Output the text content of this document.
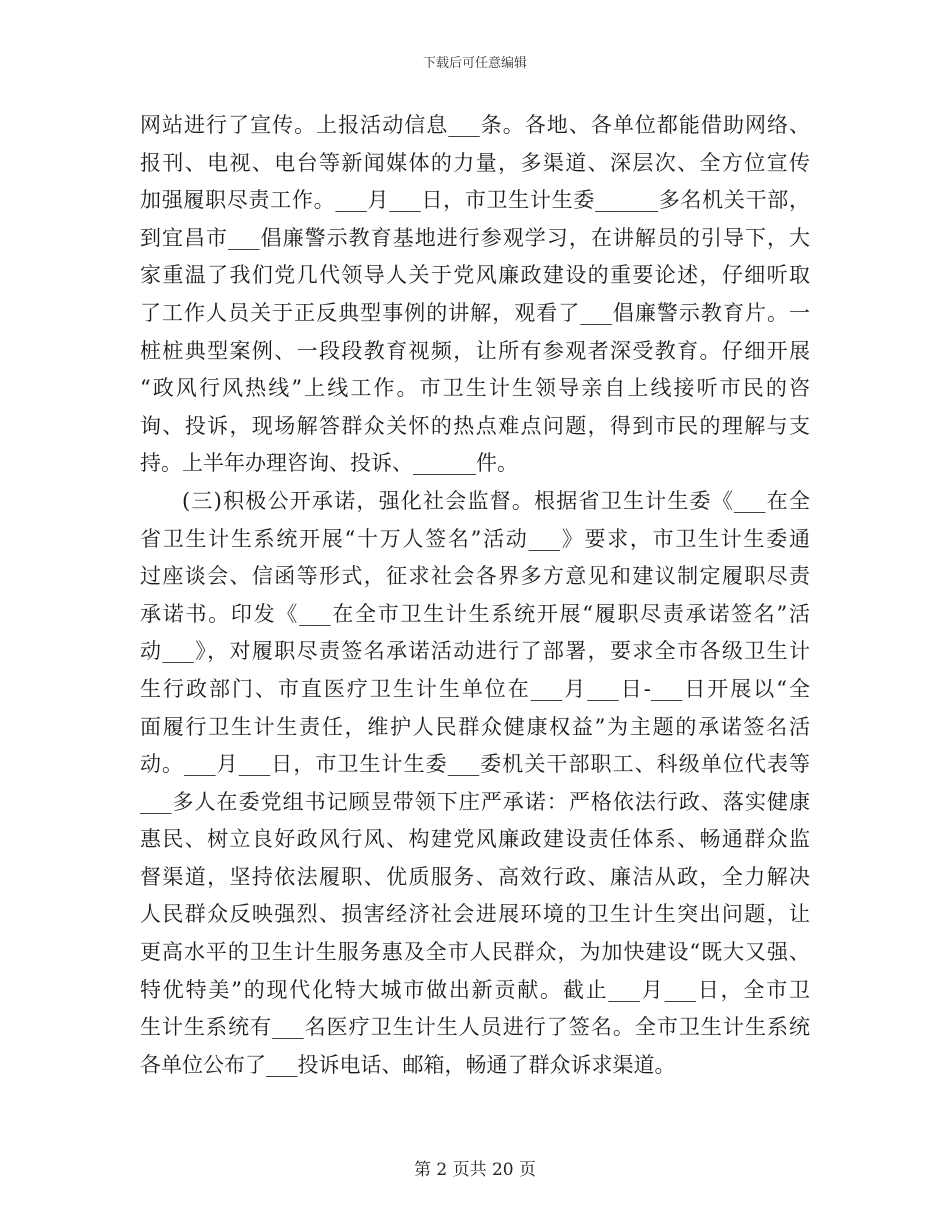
下载后可任意编辑
网站进行了宣传。上报活动信息___条。各地、各单位都能借助网络、
报刊、电视、电台等新闻媒体的力量，多渠道、深层次、全方位宣传
加强履职尽责工作。___月___日，市卫生计生委______多名机关干部，
到宜昌市___倡廉警示教育基地进行参观学习，在讲解员的引导下，大
家重温了我们党几代领导人关于党风廉政建设的重要论述，仔细听取
了工作人员关于正反典型事例的讲解，观看了___倡廉警示教育片。一
桩桩典型案例、一段段教育视频，让所有参观者深受教育。仔细开展
“政风行风热线”上线工作。市卫生计生领导亲自上线接听市民的咨
询、投诉，现场解答群众关怀的热点难点问题，得到市民的理解与支
持。上半年办理咨询、投诉、______件。
(三)积极公开承诺，强化社会监督。根据省卫生计生委《___在全
省卫生计生系统开展“十万人签名”活动___》要求，市卫生计生委通
过座谈会、信函等形式，征求社会各界多方意见和建议制定履职尽责
承诺书。印发《___在全市卫生计生系统开展“履职尽责承诺签名”活
动___》，对履职尽责签名承诺活动进行了部署，要求全市各级卫生计
生行政部门、市直医疗卫生计生单位在___月___日-___日开展以“全
面履行卫生计生责任，维护人民群众健康权益”为主题的承诺签名活
动。___月___日，市卫生计生委___委机关干部职工、科级单位代表等
___多人在委党组书记顾昱带领下庄严承诺：严格依法行政、落实健康
惠民、树立良好政风行风、构建党风廉政建设责任体系、畅通群众监
督渠道，坚持依法履职、优质服务、高效行政、廉洁从政，全力解决
人民群众反映强烈、损害经济社会进展环境的卫生计生突出问题，让
更高水平的卫生计生服务惠及全市人民群众，为加快建设“既大又强、
特优特美”的现代化特大城市做出新贡献。截止___月___日，全市卫
生计生系统有___名医疗卫生计生人员进行了签名。全市卫生计生系统
各单位公布了___投诉电话、邮箱，畅通了群众诉求渠道。
第 2 页共 20 页
